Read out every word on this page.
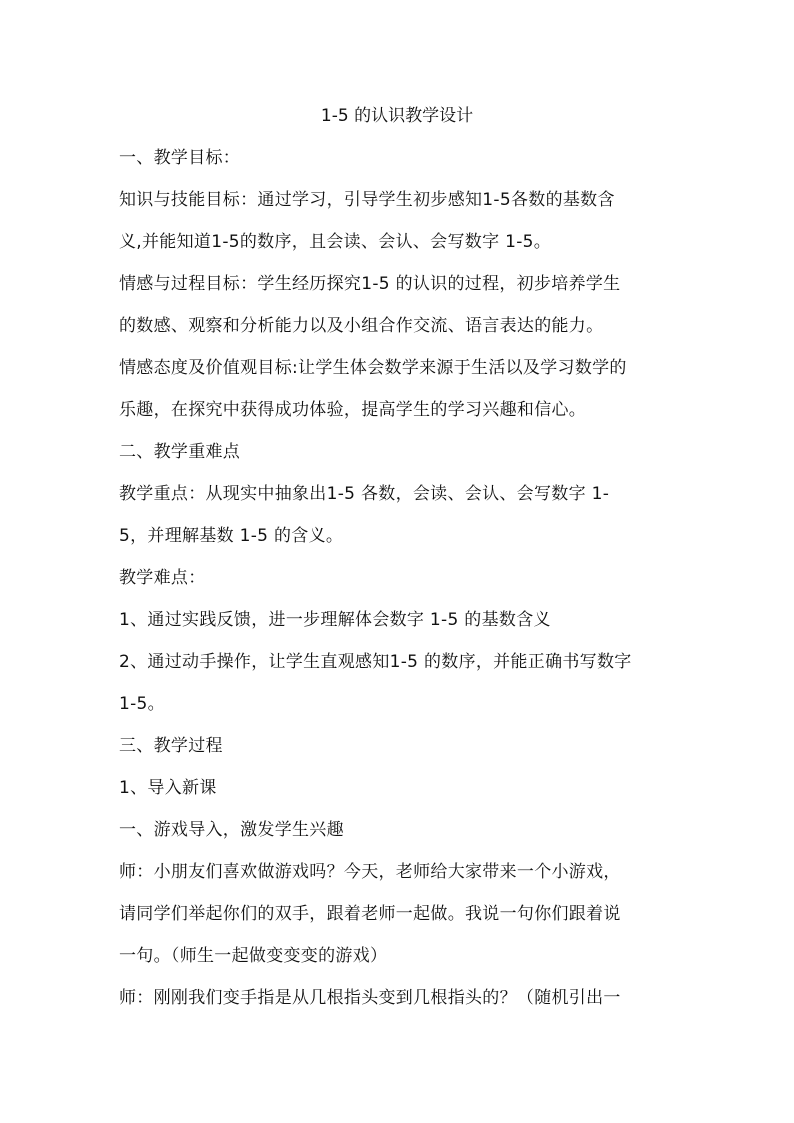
1-5 的认识教学设计
一、教学目标：
知识与技能目标：通过学习，引导学生初步感知1-5各数的基数含
义,并能知道1-5的数序，且会读、会认、会写数字 1-5。
情感与过程目标：学生经历探究1-5 的认识的过程，初步培养学生
的数感、观察和分析能力以及小组合作交流、语言表达的能力。
情感态度及价值观目标:让学生体会数学来源于生活以及学习数学的
乐趣，在探究中获得成功体验，提高学生的学习兴趣和信心。
二、教学重难点
教学重点：从现实中抽象出1-5 各数，会读、会认、会写数字 1-
5，并理解基数 1-5 的含义。
教学难点：
1、通过实践反馈，进一步理解体会数字 1-5 的基数含义
2、通过动手操作，让学生直观感知1-5 的数序，并能正确书写数字
1-5。
三、教学过程
1、导入新课
一、游戏导入，激发学生兴趣
师：小朋友们喜欢做游戏吗？今天，老师给大家带来一个小游戏，
请同学们举起你们的双手，跟着老师一起做。我说一句你们跟着说
一句。（师生一起做变变变的游戏）
师：刚刚我们变手指是从几根指头变到几根指头的？（随机引出一
